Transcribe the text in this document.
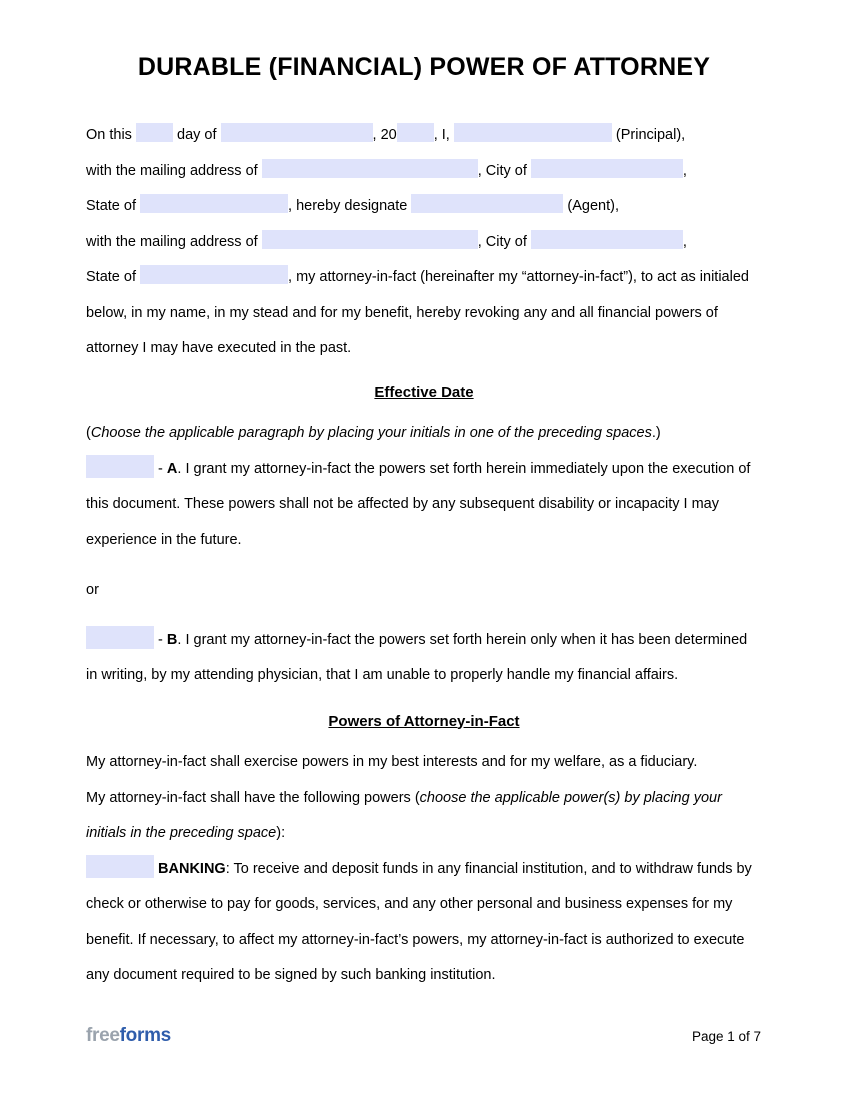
DURABLE (FINANCIAL) POWER OF ATTORNEY

On this	day of	, 20	, I,	(Principal),
with the mailing address of	, City of	,
State of	, hereby designate	(Agent),
with the mailing address of	, City of	,
State of	, my attorney-in-fact (hereinafter my “attorney-in-fact”), to act as initialed below, in my name, in my stead and for my benefit, hereby revoking any and all financial powers of attorney I may have executed in the past.

Effective Date

(Choose the applicable paragraph by placing your initials in one of the preceding spaces.)

- A. I grant my attorney-in-fact the powers set forth herein immediately upon the execution of this document. These powers shall not be affected by any subsequent disability or incapacity I may experience in the future.

or

- B. I grant my attorney-in-fact the powers set forth herein only when it has been determined in writing, by my attending physician, that I am unable to properly handle my financial affairs.

Powers of Attorney-in-Fact

My attorney-in-fact shall exercise powers in my best interests and for my welfare, as a fiduciary.

My attorney-in-fact shall have the following powers (choose the applicable power(s) by placing your initials in the preceding space):

BANKING: To receive and deposit funds in any financial institution, and to withdraw funds by check or otherwise to pay for goods, services, and any other personal and business expenses for my benefit. If necessary, to affect my attorney-in-fact’s powers, my attorney-in-fact is authorized to execute any document required to be signed by such banking institution.

freeforms	Page 1 of 7
